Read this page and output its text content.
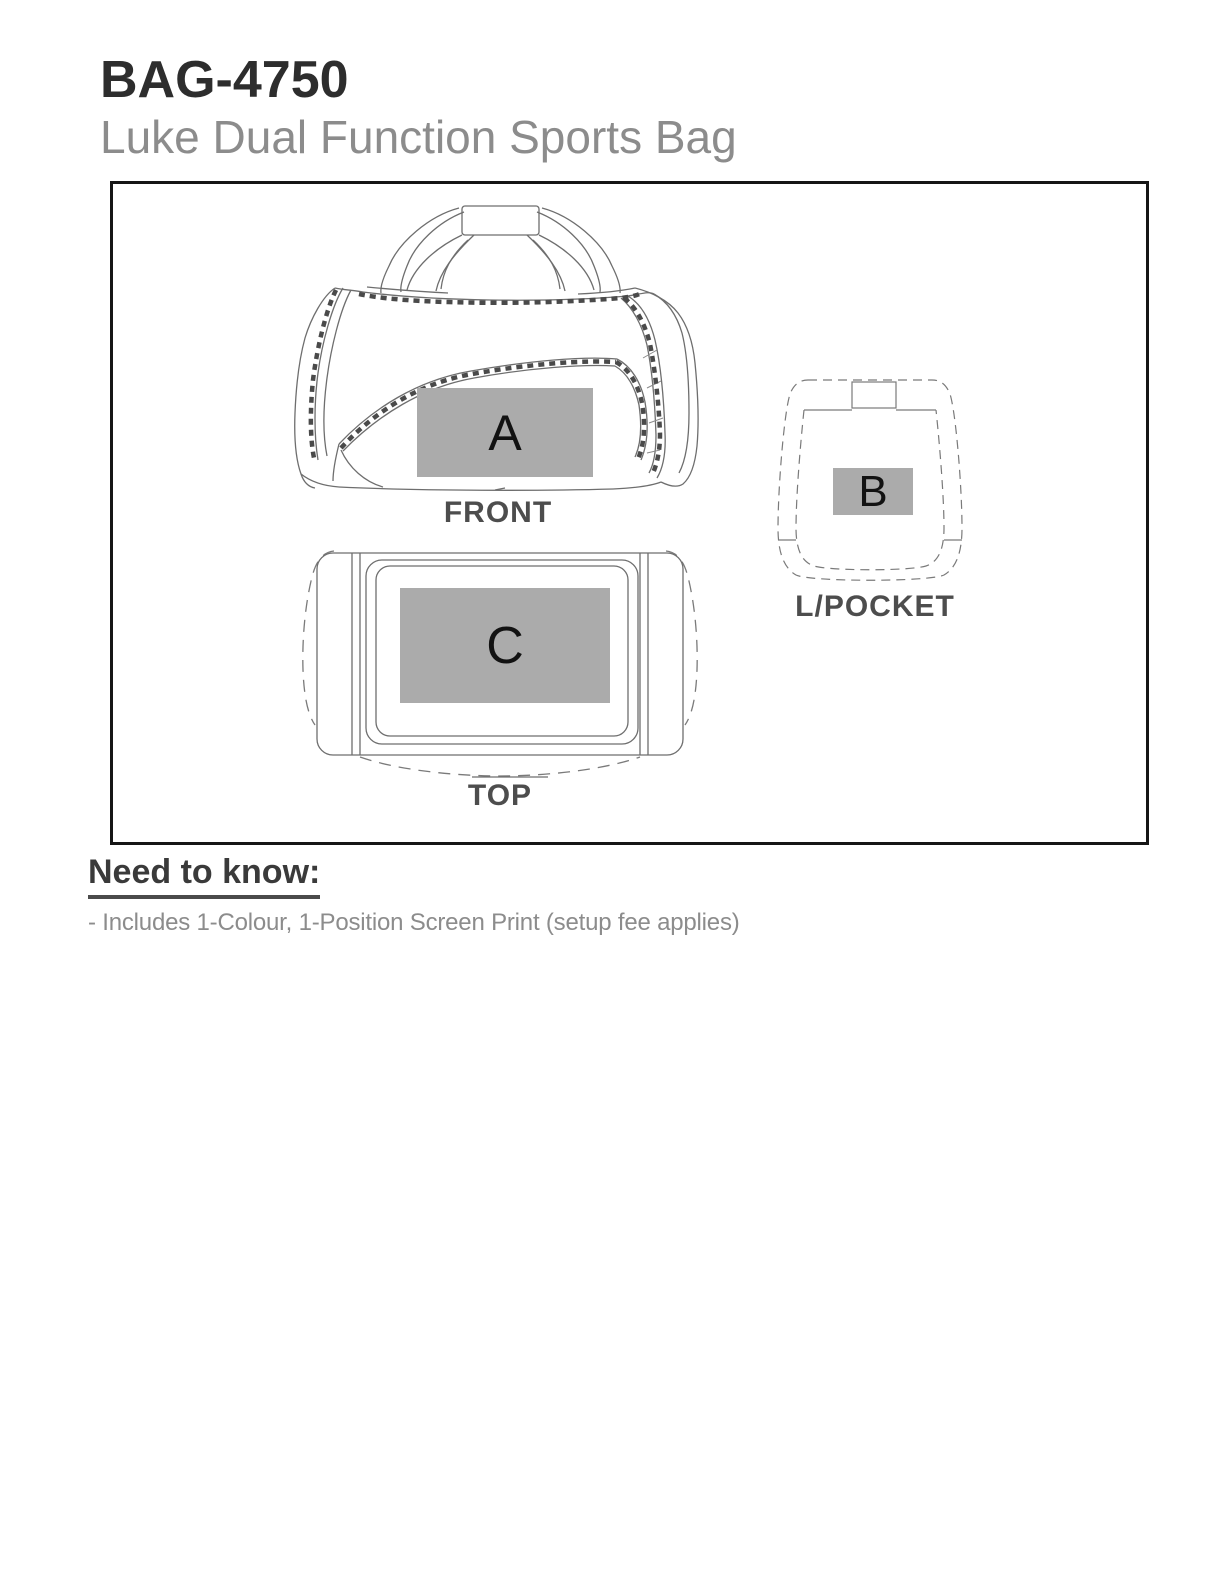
BAG-4750
Luke Dual Function Sports Bag
A
FRONT	B
L/POCKET
C
TOP
Need to know:
- Includes 1-Colour, 1-Position Screen Print (setup fee applies)
